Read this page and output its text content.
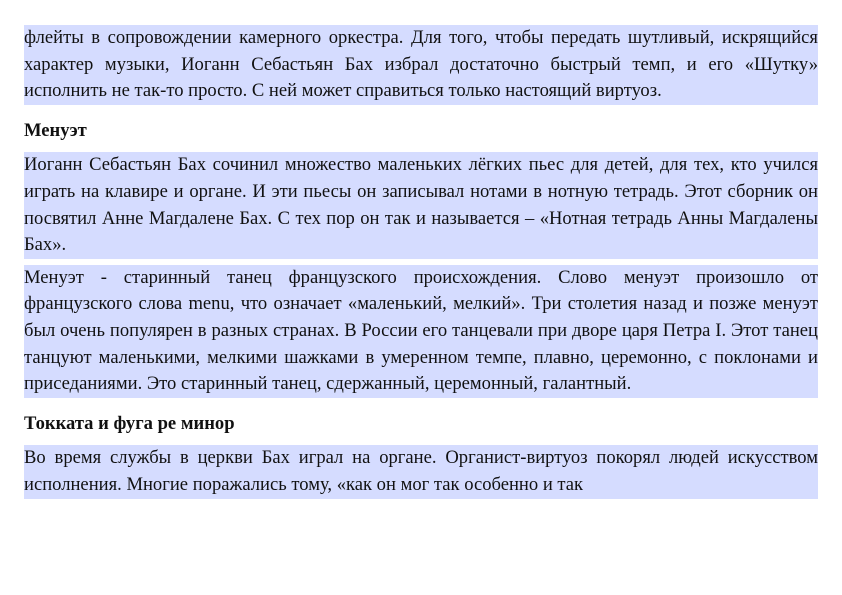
флейты в сопровождении камерного оркестра. Для того, чтобы передать шутливый, искрящийся характер музыки, Иоганн Себастьян Бах избрал достаточно быстрый темп, и его «Шутку» исполнить не так-то просто. С ней может справиться только настоящий виртуоз.

Менуэт

Иоганн Себастьян Бах сочинил множество маленьких лёгких пьес для детей, для тех, кто учился играть на клавире и органе. И эти пьесы он записывал нотами в нотную тетрадь. Этот сборник он посвятил Анне Магдалене Бах. С тех пор он так и называется – «Нотная тетрадь Анны Магдалены Бах».

Менуэт - старинный танец французского происхождения. Слово менуэт произошло от французского слова menu, что означает «маленький, мелкий». Три столетия назад и позже менуэт был очень популярен в разных странах. В России его танцевали при дворе царя Петра I. Этот танец танцуют маленькими, мелкими шажками в умеренном темпе, плавно, церемонно, с поклонами и приседаниями. Это старинный танец, сдержанный, церемонный, галантный.

Токката и фуга ре минор

Во время службы в церкви Бах играл на органе. Органист-виртуоз покорял людей искусством исполнения. Многие поражались тому, «как он мог так особенно и так
